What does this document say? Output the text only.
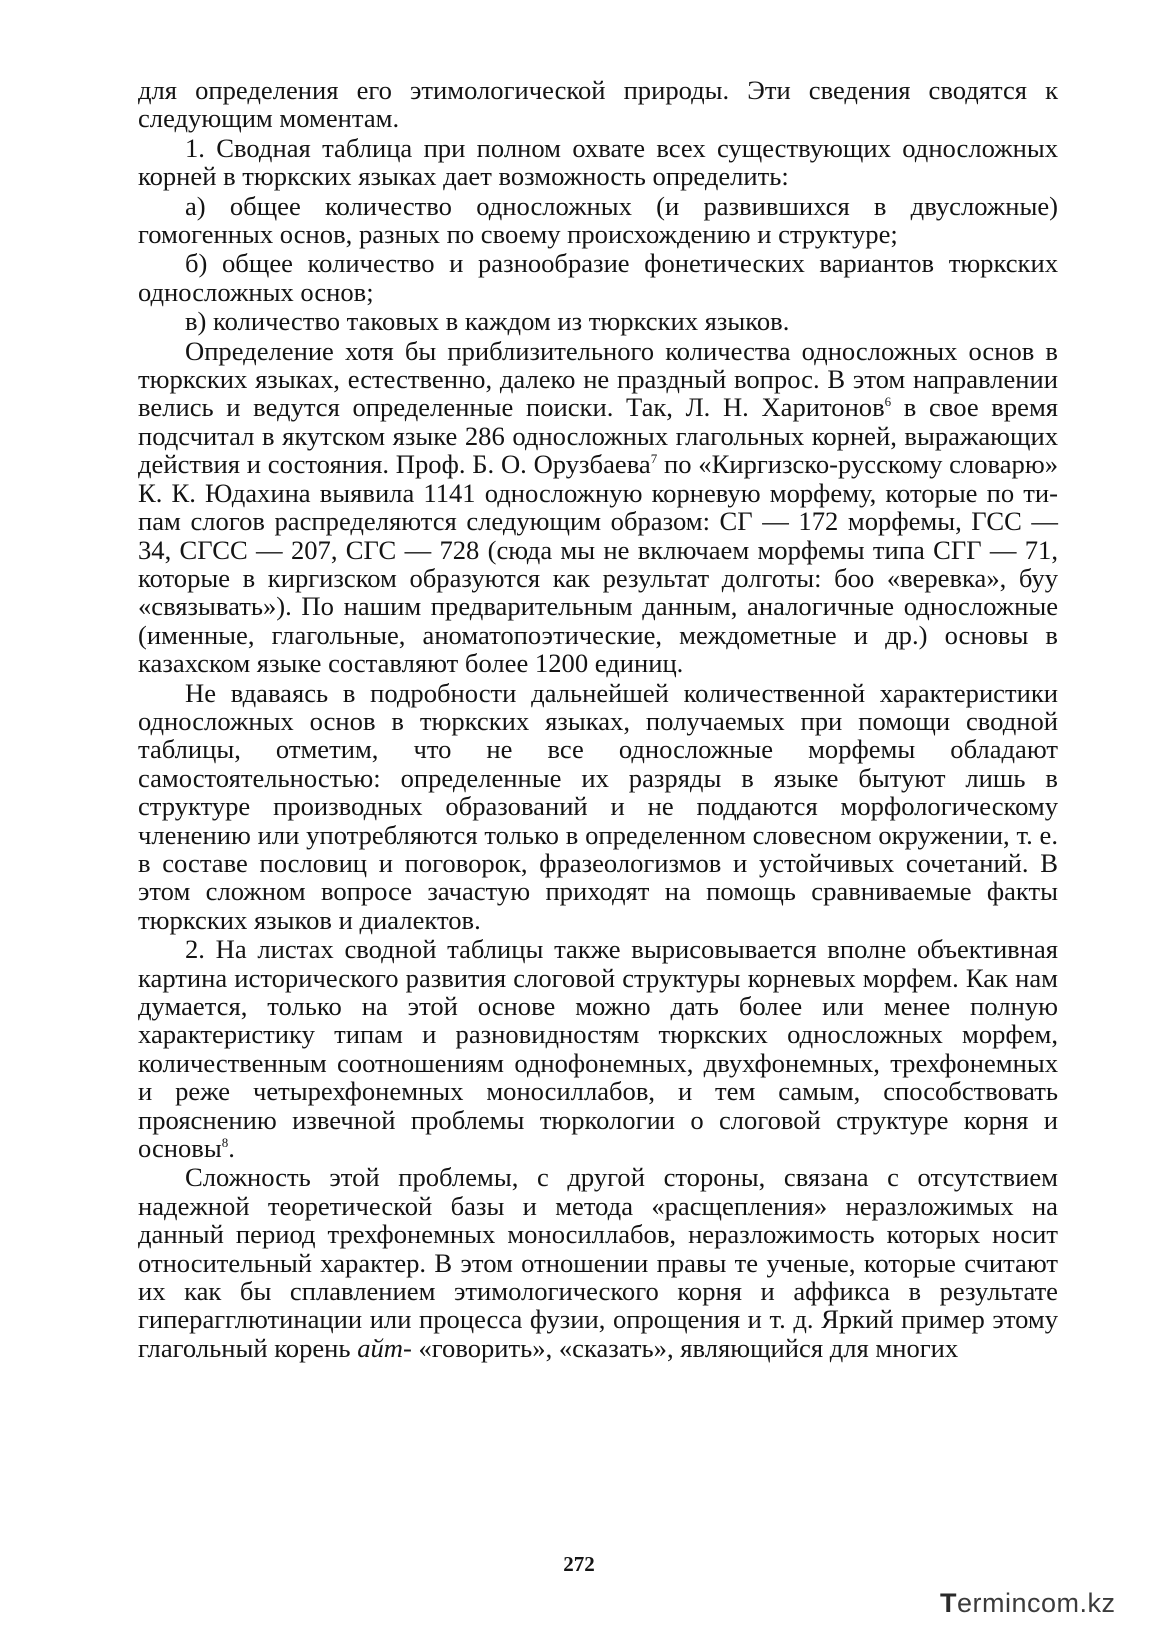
для определения его этимологической природы. Эти сведения сводятся к следующим моментам.

1. Сводная таблица при полном охвате всех существующих односложных корней в тюркских языках дает возможность определить:

а) общее количество односложных (и развившихся в двусложные) гомогенных основ, разных по своему происхождению и структуре;

б) общее количество и разнообразие фонетических вариантов тюркских односложных основ;

в) количество таковых в каждом из тюркских языков.

Определение хотя бы приблизительного количества односложных основ в тюркских языках, естественно, далеко не праздный вопрос. В этом направлении велись и ведутся определенные поиски. Так, Л. Н. Харитонов$^6$ в свое время подсчитал в якутском языке 286 односложных глагольных корней, выражающих действия и состояния. Проф. Б. О. Орузбаева$^7$ по «Киргизско-русскому словарю» К. К. Юдахина выявила 1141 односложную корневую морфему, которые по типам слогов распределяются следующим образом: СГ — 172 морфемы, ГСС — 34, СГСС — 207, СГС — 728 (сюда мы не включаем морфемы типа СГГ — 71, которые в киргизском образуются как результат долготы: боо «веревка», буу «связывать»). По нашим предварительным данным, аналогичные односложные (именные, глагольные, аноматопоэтические, междометные и др.) основы в казахском языке составляют более 1200 единиц.

Не вдаваясь в подробности дальнейшей количественной характеристики односложных основ в тюркских языках, получаемых при помощи сводной таблицы, отметим, что не все односложные морфемы обладают самостоятельностью: определенные их разряды в языке бытуют лишь в структуре производных образований и не поддаются морфологическому членению или употребляются только в определенном словесном окружении, т. е. в составе пословиц и поговорок, фразеологизмов и устойчивых сочетаний. В этом сложном вопросе зачастую приходят на помощь сравниваемые факты тюркских языков и диалектов.

2. На листах сводной таблицы также вырисовывается вполне объективная картина исторического развития слоговой структуры корневых морфем. Как нам думается, только на этой основе можно дать более или менее полную характеристику типам и разновидностям тюркских односложных морфем, количественным соотношениям однофонемных, двухфонемных, трехфонемных и реже четырехфонемных моносиллабов, и тем самым, способствовать прояснению извечной проблемы тюркологии о слоговой структуре корня и основы$^8$.

Сложность этой проблемы, с другой стороны, связана с отсутствием надежной теоретической базы и метода «расщепления» неразложимых на данный период трехфонемных моносиллабов, неразложимость которых носит относительный характер. В этом отношении правы те ученые, которые считают их как бы сплавлением этимологического корня и аффикса в результате гиперагглютинации или процесса фузии, опрощения и т. д. Яркий пример этому глагольный корень айт- «говорить», «сказать», являющийся для многих

272
Termincom.kz
